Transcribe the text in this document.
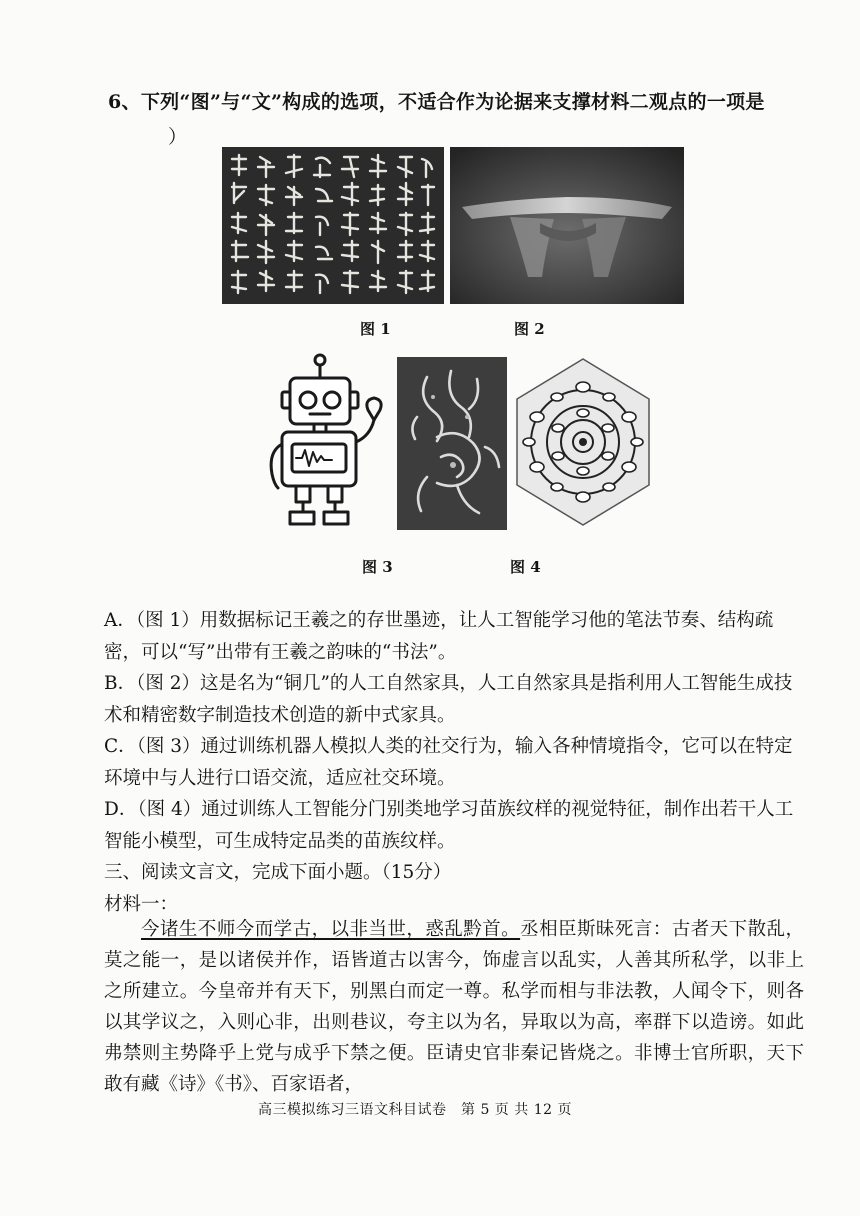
6、下列“图”与“文”构成的选项，不适合作为论据来支撑材料二观点的一项是
）
图 1	图 2
图 3	图 4

A．（图 1）用数据标记王羲之的存世墨迹，让人工智能学习他的笔法节奏、结构疏密，可以“写”出带有王羲之韵味的“书法”。

B．（图 2）这是名为“铜几”的人工自然家具，人工自然家具是指利用人工智能生成技术和精密数字制造技术创造的新中式家具。

C．（图 3）通过训练机器人模拟人类的社交行为，输入各种情境指令，它可以在特定环境中与人进行口语交流，适应社交环境。

D．（图 4）通过训练人工智能分门别类地学习苗族纹样的视觉特征，制作出若干人工智能小模型，可生成特定品类的苗族纹样。

三、阅读文言文，完成下面小题。（15分）

材料一：

今诸生不师今而学古，以非当世，惑乱黔首。丞相臣斯昧死言：古者天下散乱，莫之能一，是以诸侯并作，语皆道古以害今，饰虚言以乱实，人善其所私学，以非上之所建立。今皇帝并有天下，别黑白而定一尊。私学而相与非法教，人闻令下，则各以其学议之，入则心非，出则巷议，夸主以为名，异取以为高，率群下以造谤。如此弗禁则主势降乎上党与成乎下禁之便。臣请史官非秦记皆烧之。非博士官所职，天下敢有藏《诗》《书》、百家语者，

高三模拟练习三语文科目试卷　第 5 页 共 12 页
